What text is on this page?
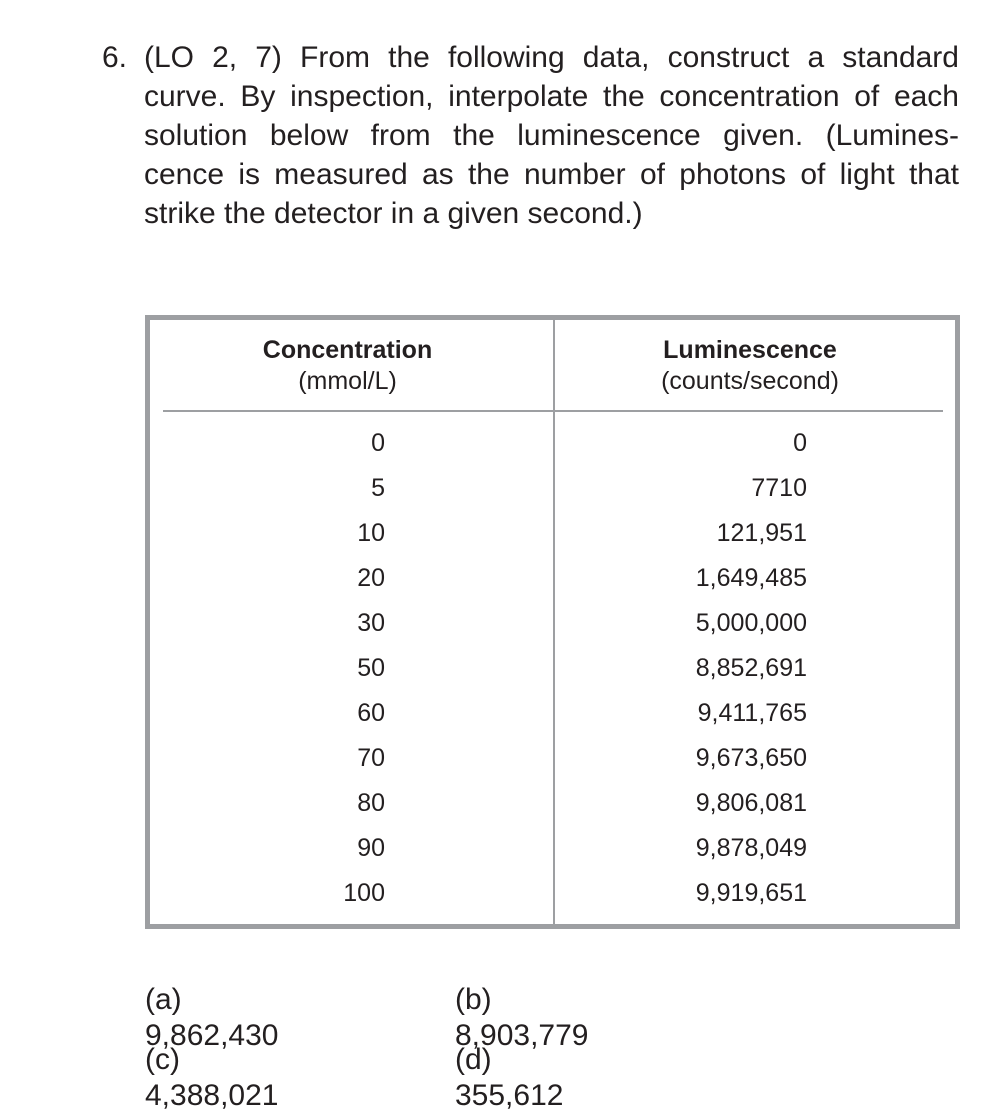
6. (LO 2, 7) From the following data, construct a standard
curve. By inspection, interpolate the concentration of each
solution below from the luminescence given. (Lumines-
cence is measured as the number of photons of light that
strike the detector in a given second.)
Concentration
(mmol/L)
Luminescence
(counts/second)
0	0
5	7710
10	121,951
20	1,649,485
30	5,000,000
50	8,852,691
60	9,411,765
70	9,673,650
80	9,806,081
90	9,878,049
100	9,919,651
(a) 9,862,430
(b) 8,903,779
(c) 4,388,021
(d) 355,612
